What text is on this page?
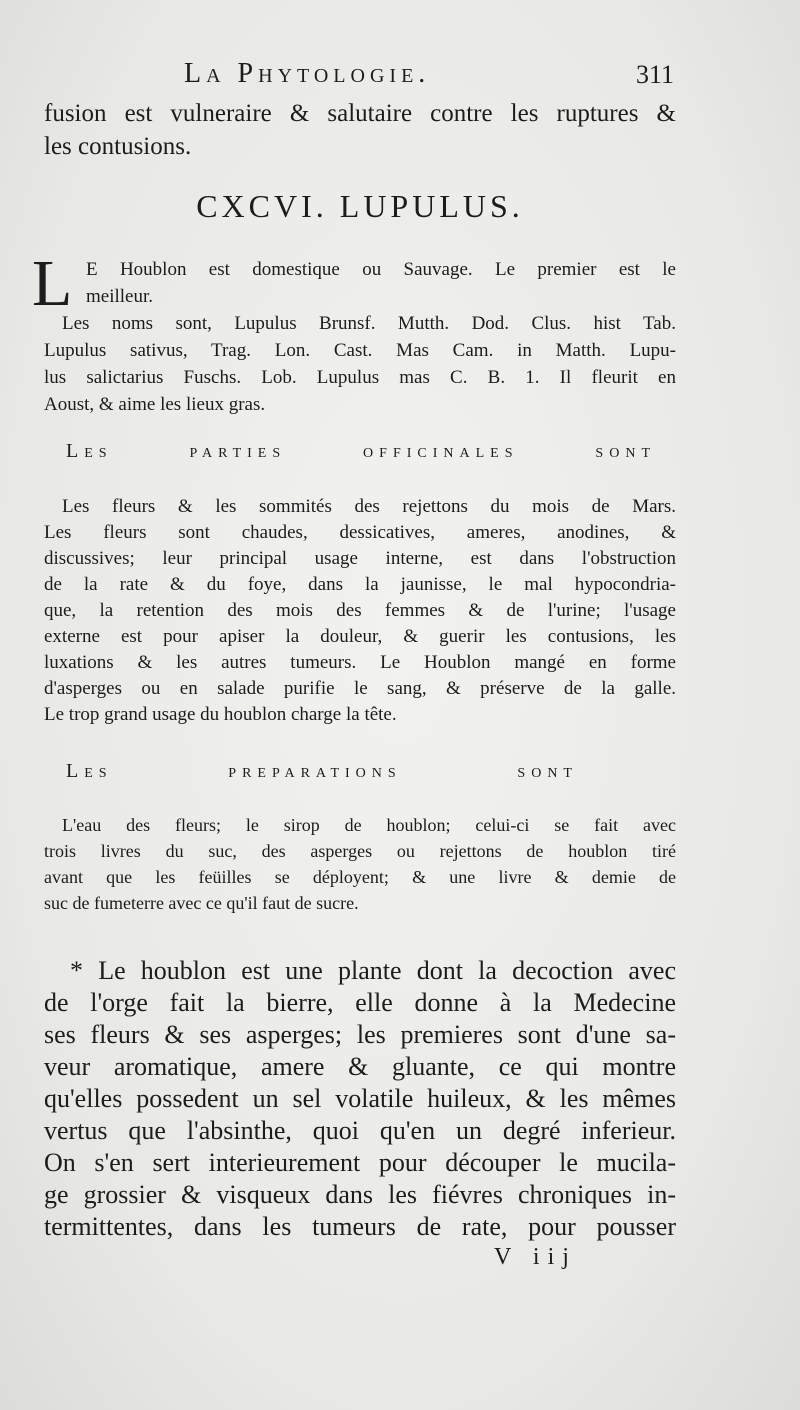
La Phytologie.	311
fusion est vulneraire & salutaire contre les ruptures &
les contusions.
CXCVI. LUPULUS.
L E Houblon est domestique ou Sauvage. Le premier est le
meilleur.
Les noms sont, Lupulus Brunsf. Mutth. Dod. Clus. hist Tab.
Lupulus sativus, Trag. Lon. Cast. Mas Cam. in Matth. Lupu-
lus salictarius Fuschs. Lob. Lupulus mas C. B. 1. Il fleurit en
Aoust, & aime les lieux gras.
Les parties officinales sont
Les fleurs & les sommités des rejettons du mois de Mars.
Les fleurs sont chaudes, dessicatives, ameres, anodines, &
discussives; leur principal usage interne, est dans l'obstruction
de la rate & du foye, dans la jaunisse, le mal hypocondria-
que, la retention des mois des femmes & de l'urine; l'usage
externe est pour apiser la douleur, & guerir les contusions, les
luxations & les autres tumeurs. Le Houblon mangé en forme
d'asperges ou en salade purifie le sang, & préserve de la galle.
Le trop grand usage du houblon charge la tête.
Les preparations sont
L'eau des fleurs; le sirop de houblon; celui-ci se fait avec
trois livres du suc, des asperges ou rejettons de houblon tiré
avant que les feüilles se déployent; & une livre & demie de
suc de fumeterre avec ce qu'il faut de sucre.
* Le houblon est une plante dont la decoction avec
de l'orge fait la bierre, elle donne à la Medecine
ses fleurs & ses asperges; les premieres sont d'une sa-
veur aromatique, amere & gluante, ce qui montre
qu'elles possedent un sel volatile huileux, & les mêmes
vertus que l'absinthe, quoi qu'en un degré inferieur.
On s'en sert interieurement pour découper le mucila-
ge grossier & visqueux dans les fiévres chroniques in-
termittentes, dans les tumeurs de rate, pour pousser
V iij
